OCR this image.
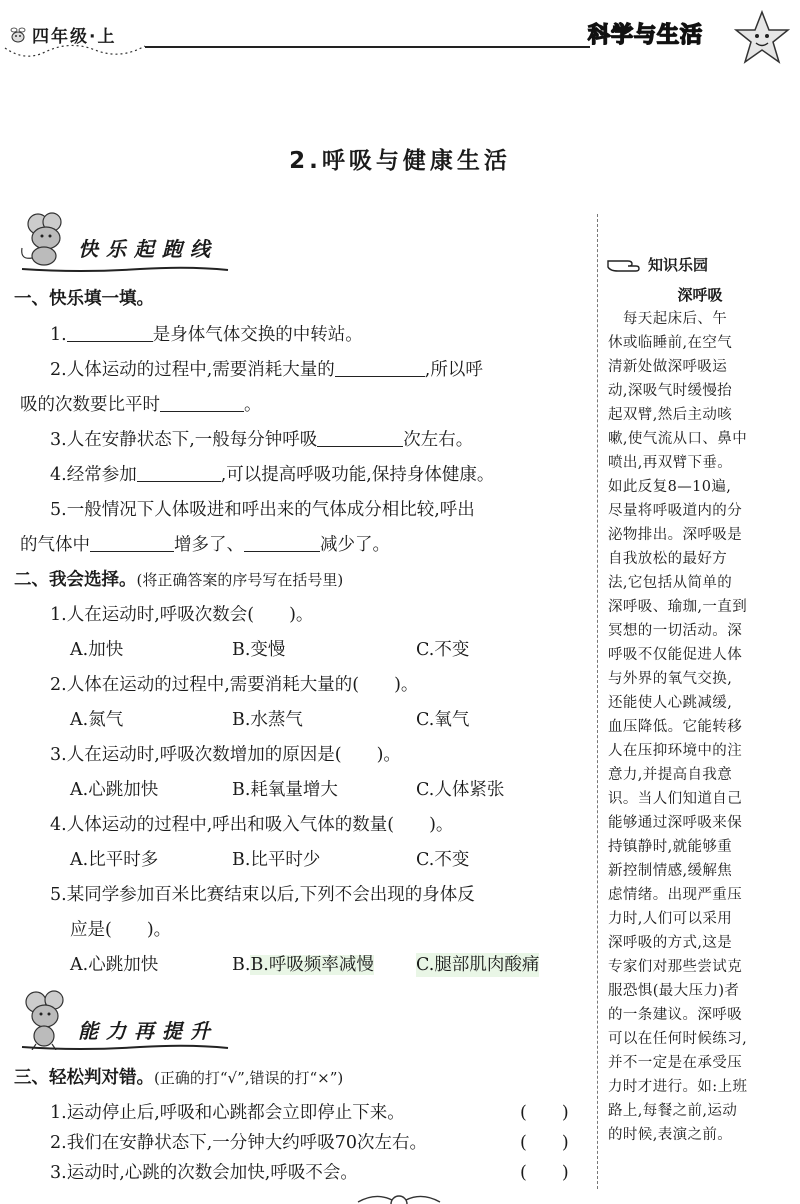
四年级·上	科学与生活
2.呼吸与健康生活
快乐起跑线
一、快乐填一填。
1.	是身体气体交换的中转站。
2.人体运动的过程中,需要消耗大量的	,所以呼
吸的次数要比平时	。
3.人在安静状态下,一般每分钟呼吸	次左右。
4.经常参加	,可以提高呼吸功能,保持身体健康。
5.一般情况下人体吸进和呼出来的气体成分相比较,呼出
的气体中	增多了、	减少了。
二、我会选择。(将正确答案的序号写在括号里)
1.人在运动时,呼吸次数会(　　)。
A.加快	B.变慢	C.不变
2.人体在运动的过程中,需要消耗大量的(　　)。
A.氮气	B.水蒸气	C.氧气
3.人在运动时,呼吸次数增加的原因是(　　)。
A.心跳加快	B.耗氧量增大	C.人体紧张
4.人体运动的过程中,呼出和吸入气体的数量(　　)。
A.比平时多	B.比平时少	C.不变
5.某同学参加百米比赛结束以后,下列不会出现的身体反
应是(　　)。
A.心跳加快	B.B.呼吸频率减慢 C.腿部肌肉酸痛
能力再提升
三、轻松判对错。(正确的打“√”,错误的打“×”)
1.运动停止后,呼吸和心跳都会立即停止下来。	(　　)
2.我们在安静状态下,一分钟大约呼吸70次左右。	(　　)
3.运动时,心跳的次数会加快,呼吸不会。	(　　)
知识乐园
深呼吸
　每天起床后、午
休或临睡前,在空气
清新处做深呼吸运
动,深吸气时缓慢抬
起双臂,然后主动咳
嗽,使气流从口、鼻中
喷出,再双臂下垂。
如此反复8—10遍,
尽量将呼吸道内的分
泌物排出。深呼吸是
自我放松的最好方
法,它包括从简单的
深呼吸、瑜珈,一直到
冥想的一切活动。深
呼吸不仅能促进人体
与外界的氧气交换,
还能使人心跳减缓,
血压降低。它能转移
人在压抑环境中的注
意力,并提高自我意
识。当人们知道自己
能够通过深呼吸来保
持镇静时,就能够重
新控制情感,缓解焦
虑情绪。出现严重压
力时,人们可以采用
深呼吸的方式,这是
专家们对那些尝试克
服恐惧(最大压力)者
的一条建议。深呼吸
可以在任何时候练习,
并不一定是在承受压
力时才进行。如:上班
路上,每餐之前,运动
的时候,表演之前。
